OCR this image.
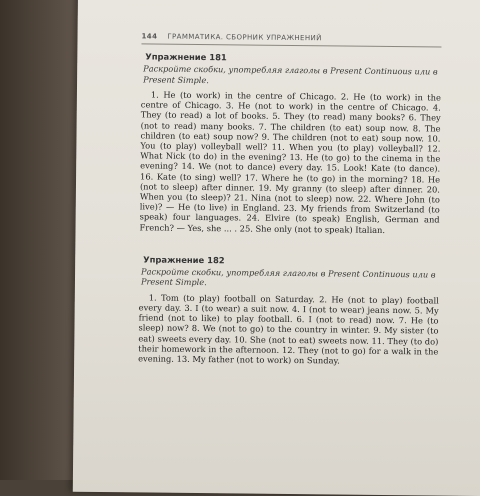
144 ГРАММАТИКА. СБОРНИК УПРАЖНЕНИЙ
Упражнение 181
Раскройте скобки, употребляя глаголы в Present Continuous или в Present Simple.

1. He (to work) in the centre of Chicago. 2. He (to work) in the centre of Chicago. 3. He (not to work) in the centre of Chicago. 4. They (to read) a lot of books. 5. They (to read) many books? 6. They (not to read) many books. 7. The children (to eat) soup now. 8. The children (to eat) soup now? 9. The children (not to eat) soup now. 10. You (to play) volleyball well? 11. When you (to play) volleyball? 12. What Nick (to do) in the evening? 13. He (to go) to the cinema in the evening? 14. We (not to dance) every day. 15. Look! Kate (to dance). 16. Kate (to sing) well? 17. Where he (to go) in the morning? 18. He (not to sleep) after dinner. 19. My granny (to sleep) after dinner. 20. When you (to sleep)? 21. Nina (not to sleep) now. 22. Where John (to live)? — He (to live) in England. 23. My friends from Switzerland (to speak) four languages. 24. Elvire (to speak) English, German and French? — Yes, she ... . 25. She only (not to speak) Italian.

Упражнение 182
Раскройте скобки, употребляя глаголы в Present Continuous или в Present Simple.

1. Tom (to play) football on Saturday. 2. He (not to play) football every day. 3. I (to wear) a suit now. 4. I (not to wear) jeans now. 5. My friend (not to like) to play football. 6. I (not to read) now. 7. He (to sleep) now? 8. We (not to go) to the country in winter. 9. My sister (to eat) sweets every day. 10. She (not to eat) sweets now. 11. They (to do) their homework in the afternoon. 12. They (not to go) for a walk in the evening. 13. My father (not to work) on Sunday.
